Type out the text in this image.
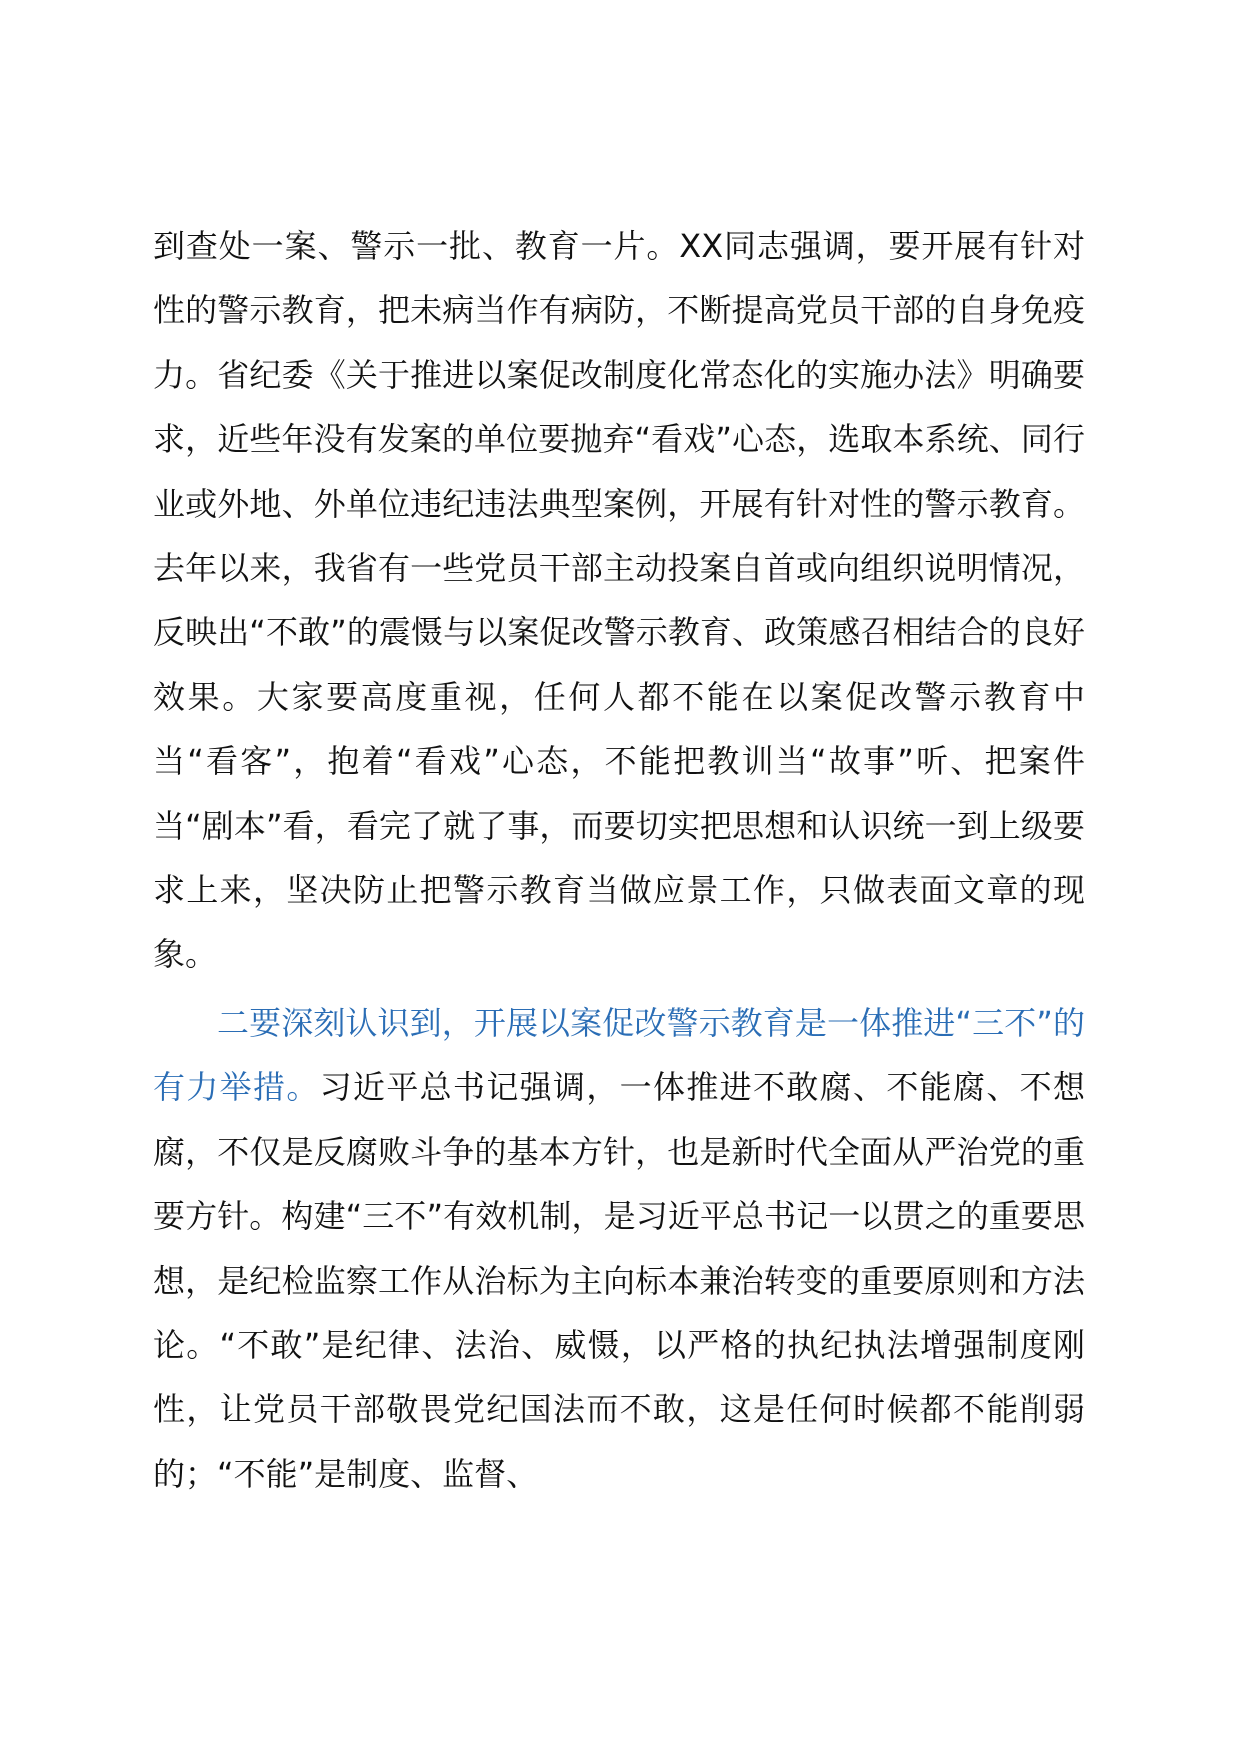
到查处一案、警示一批、教育一片。XX同志强调，要开展有针对性的警示教育，把未病当作有病防，不断提高党员干部的自身免疫力。省纪委《关于推进以案促改制度化常态化的实施办法》明确要求，近些年没有发案的单位要抛弃“看戏”心态，选取本系统、同行业或外地、外单位违纪违法典型案例，开展有针对性的警示教育。去年以来，我省有一些党员干部主动投案自首或向组织说明情况，反映出“不敢”的震慑与以案促改警示教育、政策感召相结合的良好效果。大家要高度重视，任何人都不能在以案促改警示教育中当“看客”，抱着“看戏”心态，不能把教训当“故事”听、把案件当“剧本”看，看完了就了事，而要切实把思想和认识统一到上级要求上来，坚决防止把警示教育当做应景工作，只做表面文章的现象。

二要深刻认识到，开展以案促改警示教育是一体推进“三不”的有力举措。习近平总书记强调，一体推进不敢腐、不能腐、不想腐，不仅是反腐败斗争的基本方针，也是新时代全面从严治党的重要方针。构建“三不”有效机制，是习近平总书记一以贯之的重要思想，是纪检监察工作从治标为主向标本兼治转变的重要原则和方法论。“不敢”是纪律、法治、威慑，以严格的执纪执法增强制度刚性，让党员干部敬畏党纪国法而不敢，这是任何时候都不能削弱的；“不能”是制度、监督、
